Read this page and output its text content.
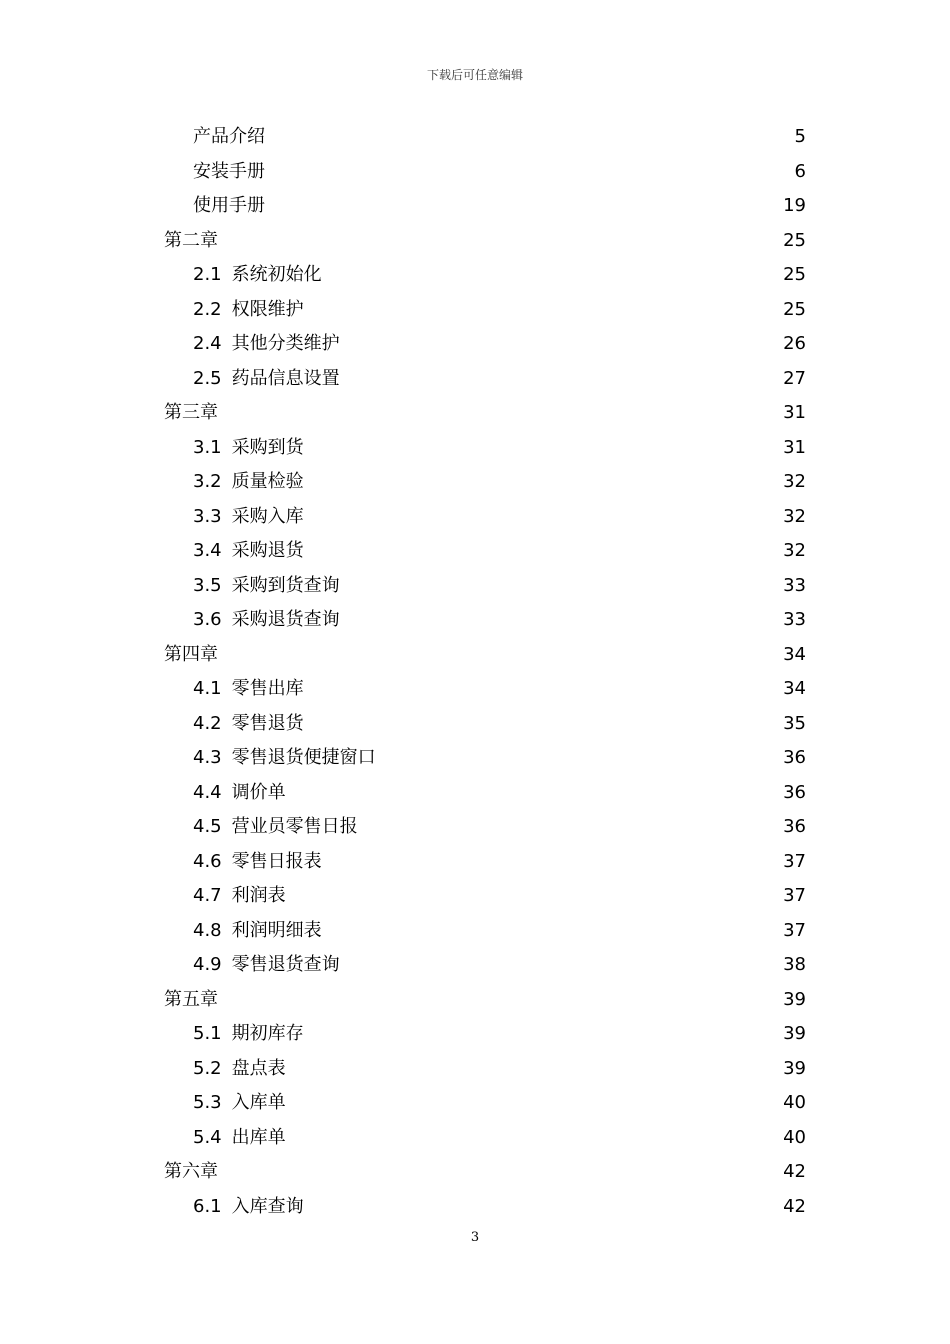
下载后可任意编辑
产品介绍	5
安装手册	6
使用手册	19
第二章	25
2.1 系统初始化	25
2.2 权限维护	25
2.4 其他分类维护	26
2.5 药品信息设置	27
第三章	31
3.1 采购到货	31
3.2 质量检验	32
3.3 采购入库	32
3.4 采购退货	32
3.5 采购到货查询	33
3.6 采购退货查询	33
第四章	34
4.1 零售出库	34
4.2 零售退货	35
4.3 零售退货便捷窗口	36
4.4 调价单	36
4.5 营业员零售日报	36
4.6 零售日报表	37
4.7 利润表	37
4.8 利润明细表	37
4.9 零售退货查询	38
第五章	39
5.1 期初库存	39
5.2 盘点表	39
5.3 入库单	40
5.4 出库单	40
第六章	42
6.1 入库查询	42
3
